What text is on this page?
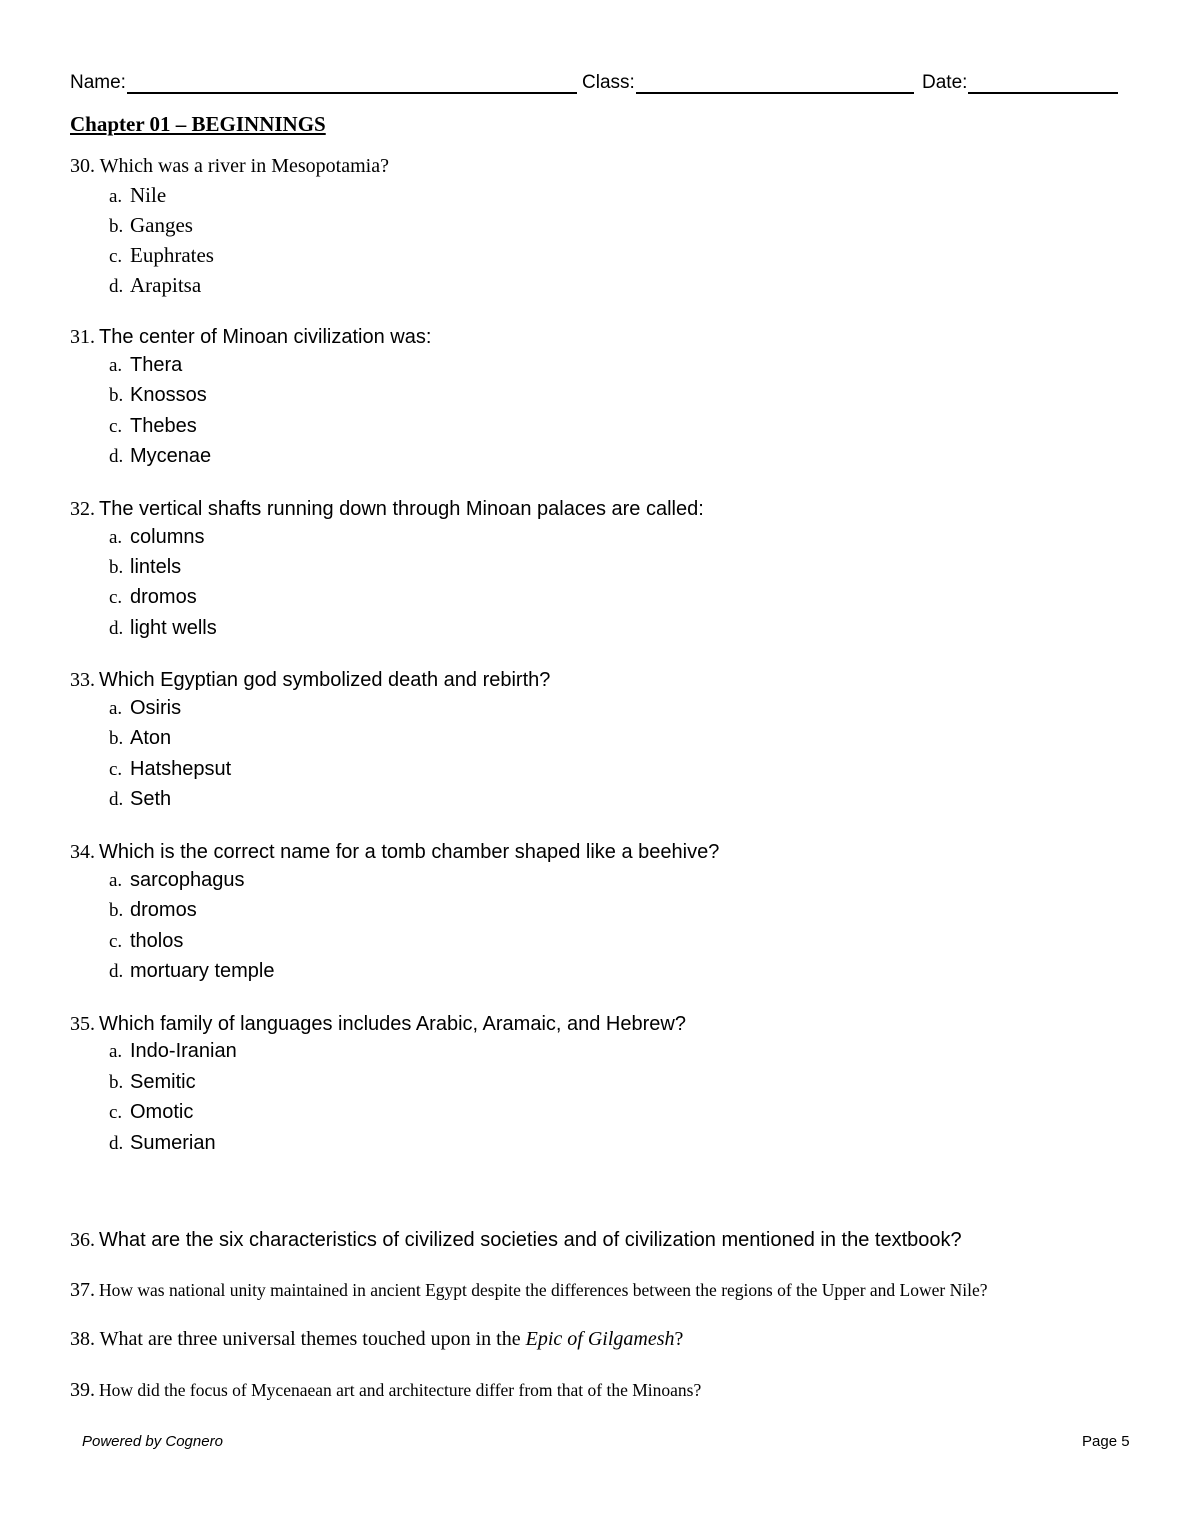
Name:	Class:	Date:
Chapter 01 – BEGINNINGS
30. Which was a river in Mesopotamia?
a. Nile
b. Ganges
c. Euphrates
d. Arapitsa
31. The center of Minoan civilization was:
a. Thera
b. Knossos
c. Thebes
d. Mycenae
32. The vertical shafts running down through Minoan palaces are called:
a. columns
b. lintels
c. dromos
d. light wells
33. Which Egyptian god symbolized death and rebirth?
a. Osiris
b. Aton
c. Hatshepsut
d. Seth
34. Which is the correct name for a tomb chamber shaped like a beehive?
a. sarcophagus
b. dromos
c. tholos
d. mortuary temple
35. Which family of languages includes Arabic, Aramaic, and Hebrew?
a. Indo-Iranian
b. Semitic
c. Omotic
d. Sumerian
36. What are the six characteristics of civilized societies and of civilization mentioned in the textbook?
37. How was national unity maintained in ancient Egypt despite the differences between the regions of the Upper and Lower Nile?
38. What are three universal themes touched upon in the Epic of Gilgamesh?
39. How did the focus of Mycenaean art and architecture differ from that of the Minoans?
Powered by Cognero	Page 5
